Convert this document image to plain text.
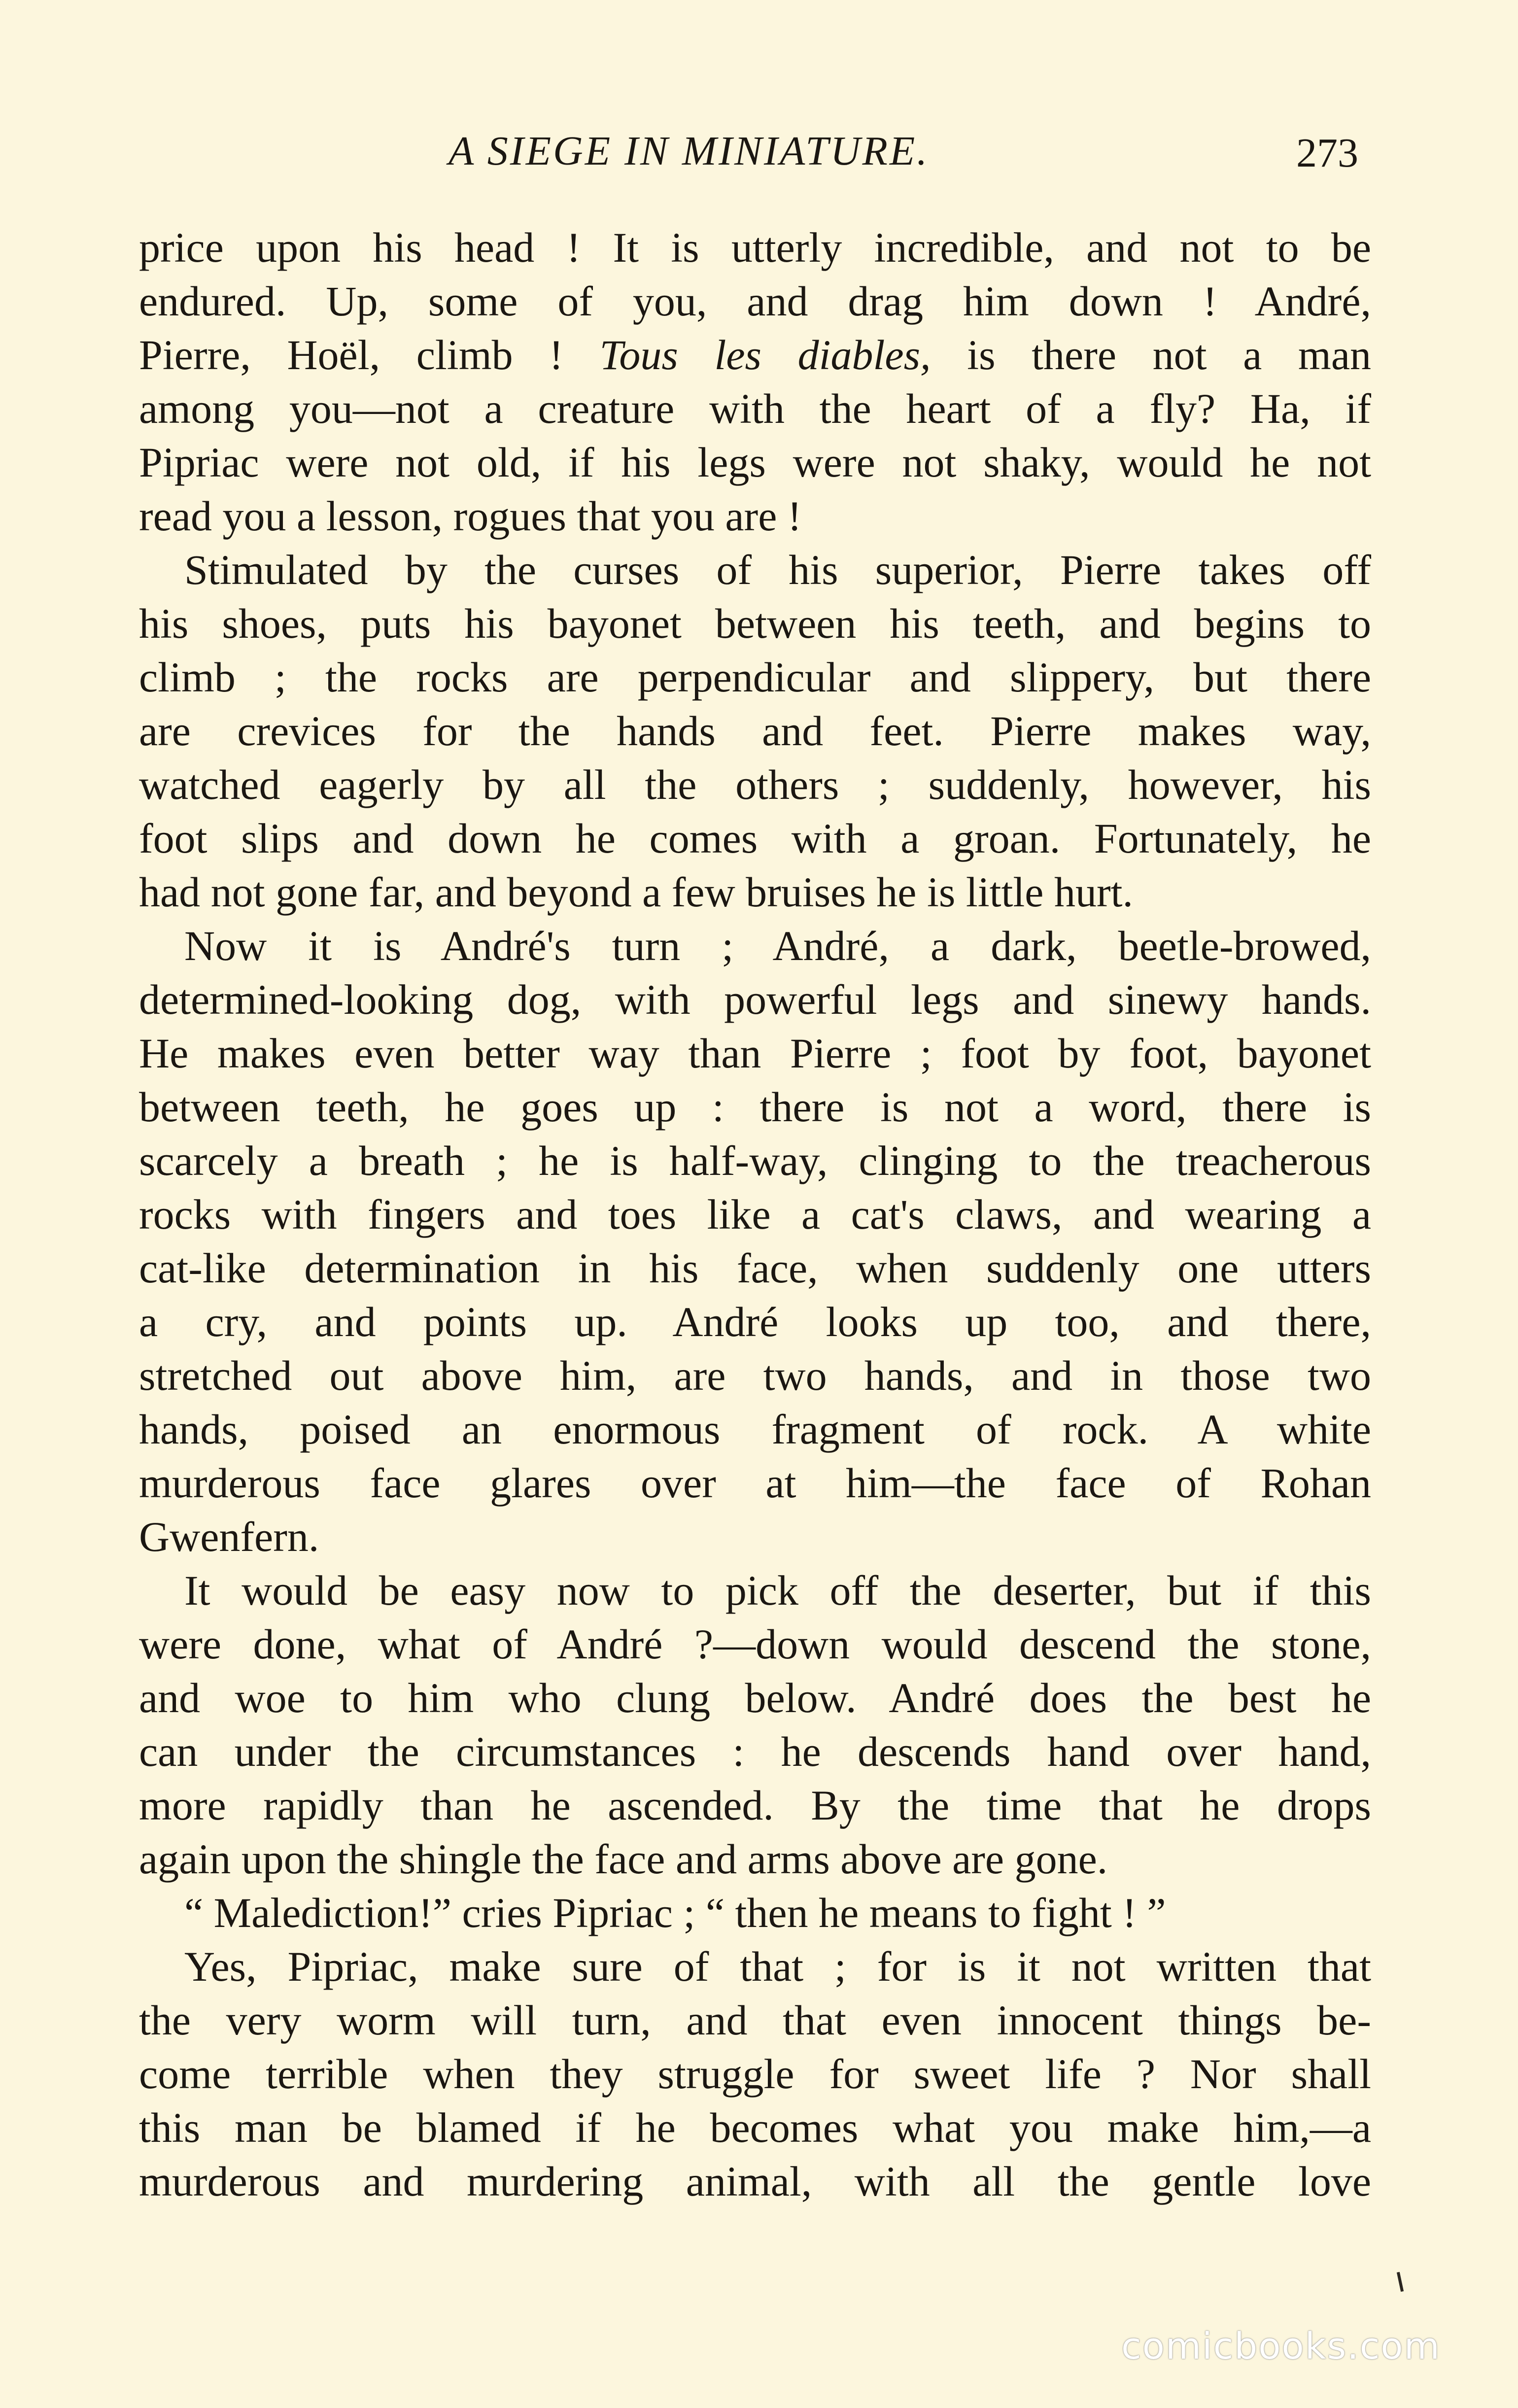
A SIEGE IN MINIATURE.	273
price upon his head ! It is utterly incredible, and not to be
endured. Up, some of you, and drag him down ! André,
Pierre, Hoël, climb ! Tous les diables, is there not a man
among you—not a creature with the heart of a fly? Ha, if
Pipriac were not old, if his legs were not shaky, would he not
read you a lesson, rogues that you are !
Stimulated by the curses of his superior, Pierre takes off
his shoes, puts his bayonet between his teeth, and begins to
climb ; the rocks are perpendicular and slippery, but there
are crevices for the hands and feet. Pierre makes way,
watched eagerly by all the others ; suddenly, however, his
foot slips and down he comes with a groan. Fortunately, he
had not gone far, and beyond a few bruises he is little hurt.
Now it is André's turn ; André, a dark, beetle-browed,
determined-looking dog, with powerful legs and sinewy hands.
He makes even better way than Pierre ; foot by foot, bayonet
between teeth, he goes up : there is not a word, there is
scarcely a breath ; he is half-way, clinging to the treacherous
rocks with fingers and toes like a cat's claws, and wearing a
cat-like determination in his face, when suddenly one utters
a cry, and points up. André looks up too, and there,
stretched out above him, are two hands, and in those two
hands, poised an enormous fragment of rock. A white
murderous face glares over at him—the face of Rohan
Gwenfern.
It would be easy now to pick off the deserter, but if this
were done, what of André ?—down would descend the stone,
and woe to him who clung below. André does the best he
can under the circumstances : he descends hand over hand,
more rapidly than he ascended. By the time that he drops
again upon the shingle the face and arms above are gone.
“ Malediction!” cries Pipriac ; “ then he means to fight ! ”
Yes, Pipriac, make sure of that ; for is it not written that
the very worm will turn, and that even innocent things be-
come terrible when they struggle for sweet life ? Nor shall
this man be blamed if he becomes what you make him,—a
murderous and murdering animal, with all the gentle love
comicbooks.com
